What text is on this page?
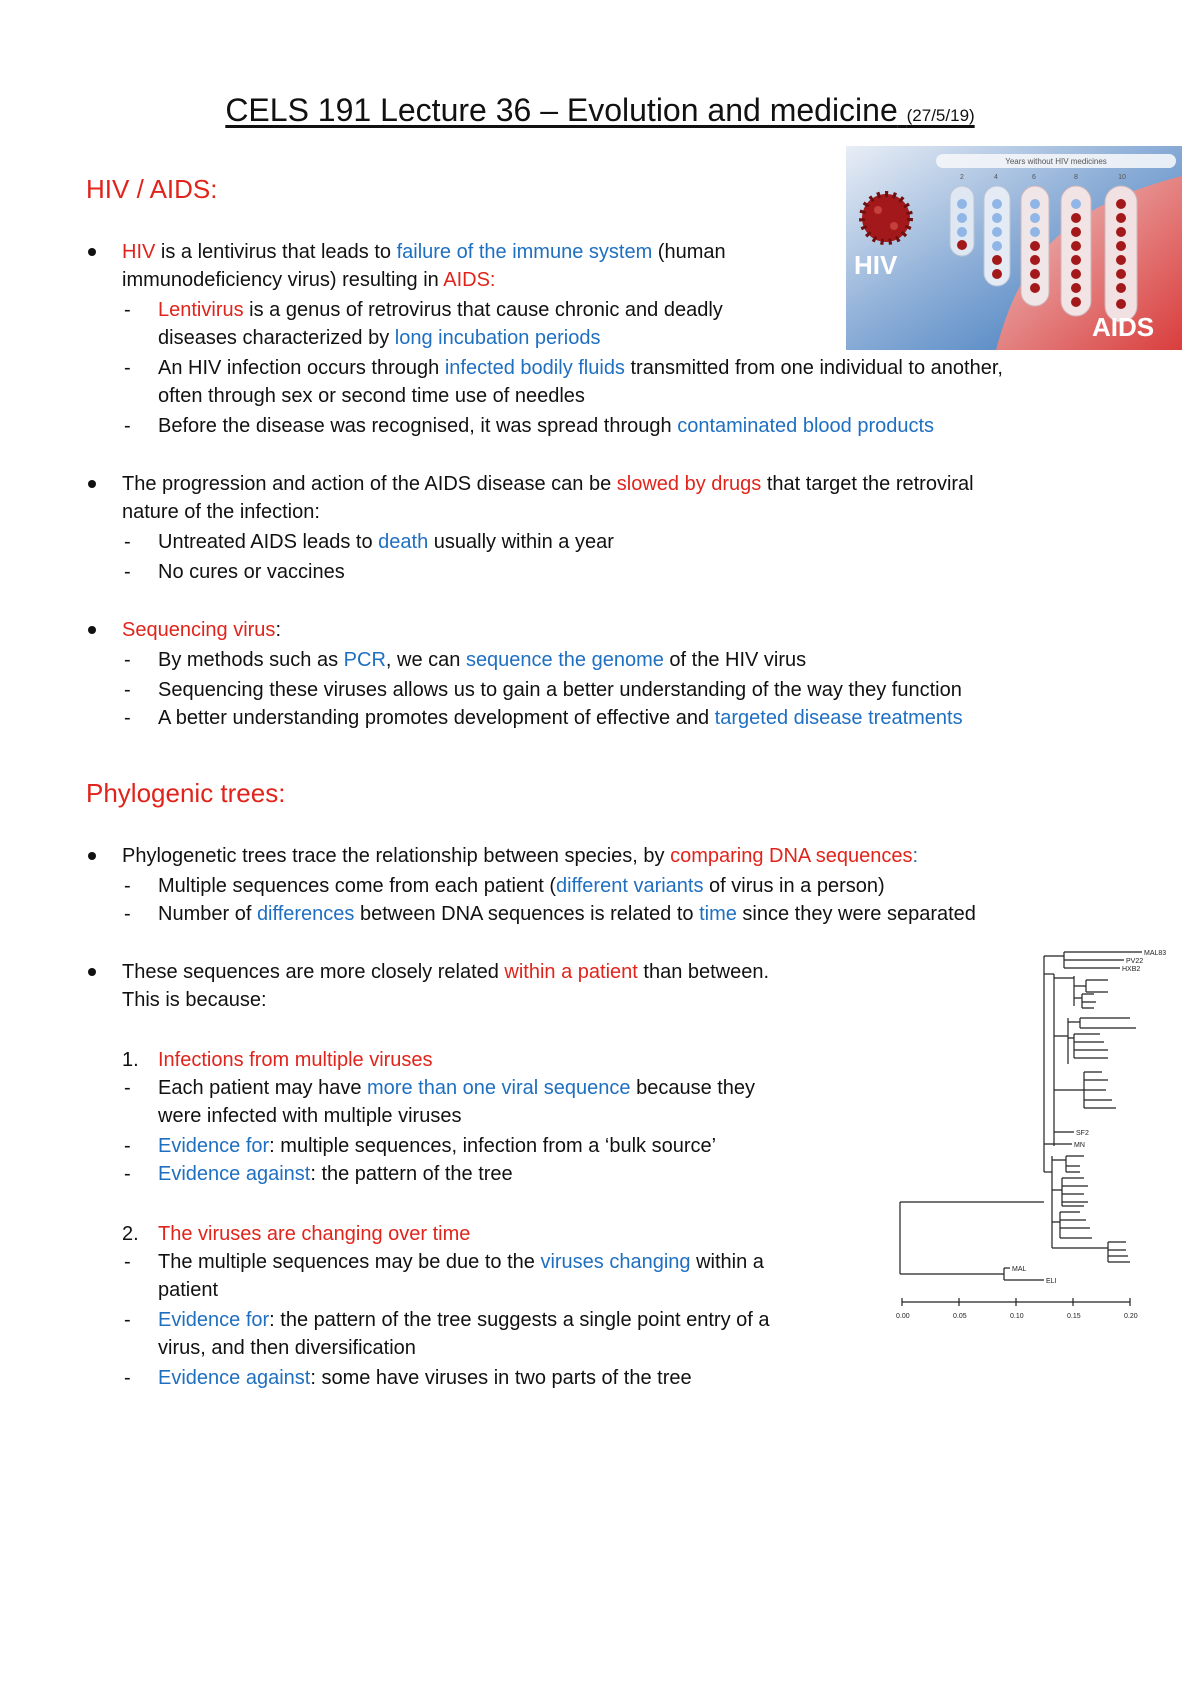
CELS 191 Lecture 36 – Evolution and medicine (27/5/19)
HIV / AIDS:
HIV is a lentivirus that leads to failure of the immune system (human
immunodeficiency virus) resulting in AIDS:
- Lentivirus is a genus of retrovirus that cause chronic and deadly
diseases characterized by long incubation periods
- An HIV infection occurs through infected bodily fluids transmitted from one individual to another,
often through sex or second time use of needles
- Before the disease was recognised, it was spread through contaminated blood products
The progression and action of the AIDS disease can be slowed by drugs that target the retroviral
nature of the infection:
- Untreated AIDS leads to death usually within a year
- No cures or vaccines
Sequencing virus:
- By methods such as PCR, we can sequence the genome of the HIV virus
- Sequencing these viruses allows us to gain a better understanding of the way they function
- A better understanding promotes development of effective and targeted disease treatments
Years without HIV medicines
2	4	6	8	10
HIV
AIDS
Phylogenic trees:
Phylogenetic trees trace the relationship between species, by comparing DNA sequences:
- Multiple sequences come from each patient (different variants of virus in a person)
- Number of differences between DNA sequences is related to time since they were separated
These sequences are more closely related within a patient than between.
This is because:
1. Infections from multiple viruses
- Each patient may have more than one viral sequence because they
were infected with multiple viruses
- Evidence for: multiple sequences, infection from a ‘bulk source’
- Evidence against: the pattern of the tree
2. The viruses are changing over time
- The multiple sequences may be due to the viruses changing within a
patient
- Evidence for: the pattern of the tree suggests a single point entry of a
virus, and then diversification
- Evidence against: some have viruses in two parts of the tree
MAL83
PV22
HXB2
SF2
MN
MAL
ELI
0.00	0.05	0.10	0.15	0.20
